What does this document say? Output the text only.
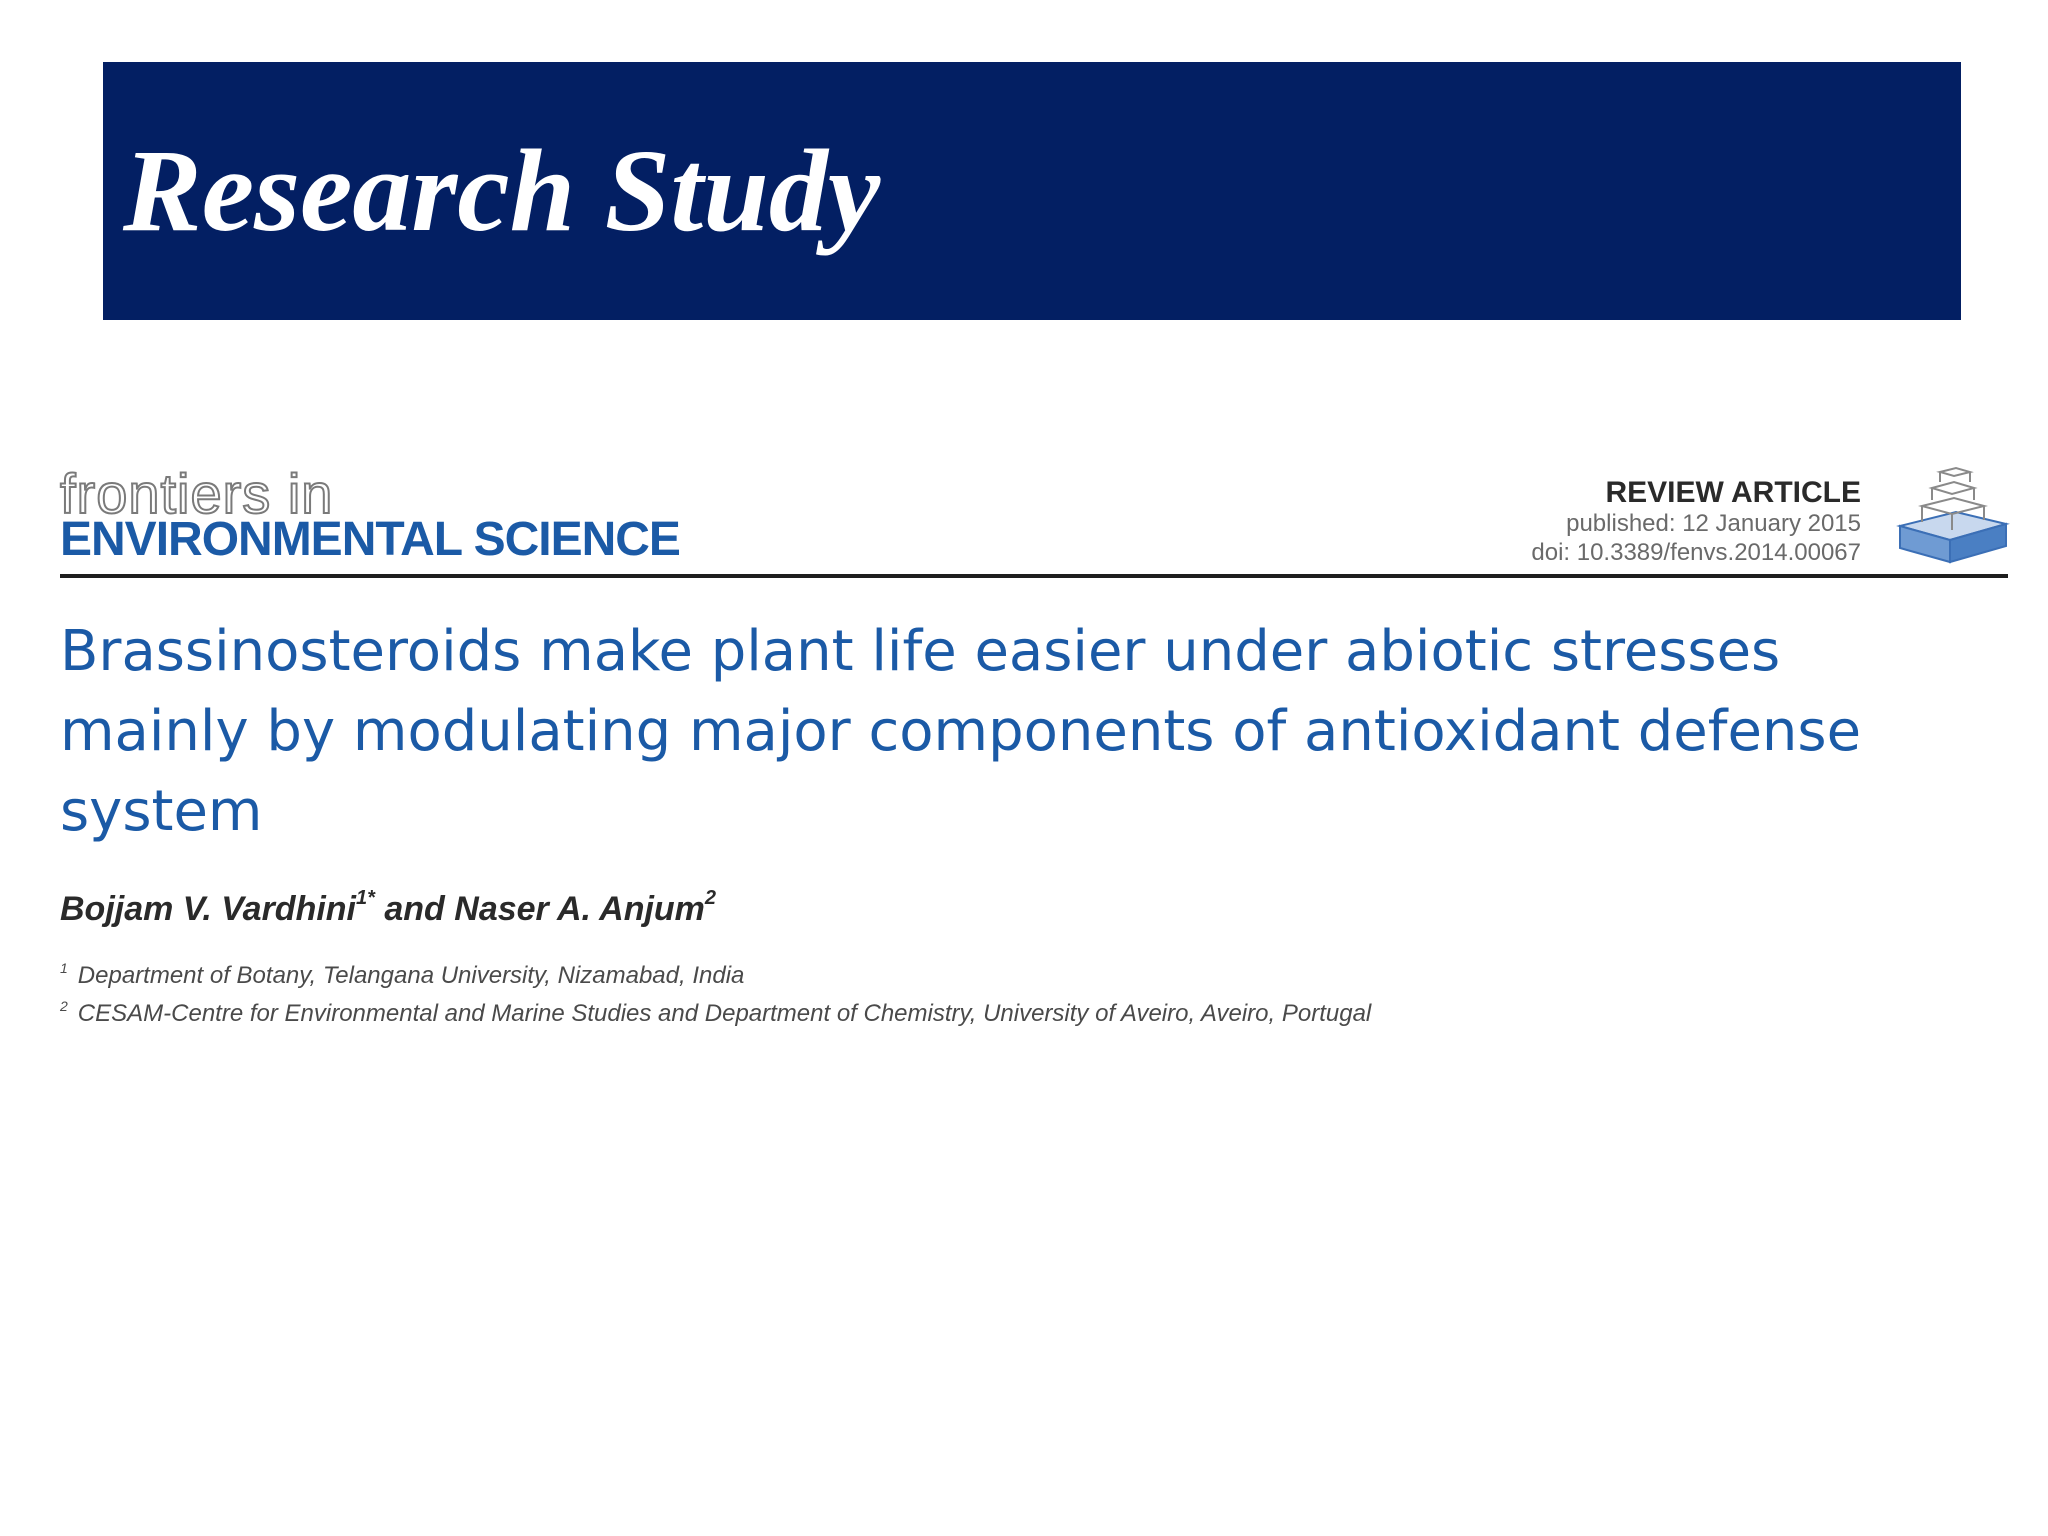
Research Study
frontiers in
ENVIRONMENTAL SCIENCE
REVIEW ARTICLE
published: 12 January 2015
doi: 10.3389/fenvs.2014.00067
Brassinosteroids make plant life easier under abiotic stresses mainly by modulating major components of antioxidant defense system
Bojjam V. Vardhini$^{1*}$ and Naser A. Anjum$^2$
$^1$ Department of Botany, Telangana University, Nizamabad, India
$^2$ CESAM-Centre for Environmental and Marine Studies and Department of Chemistry, University of Aveiro, Aveiro, Portugal
